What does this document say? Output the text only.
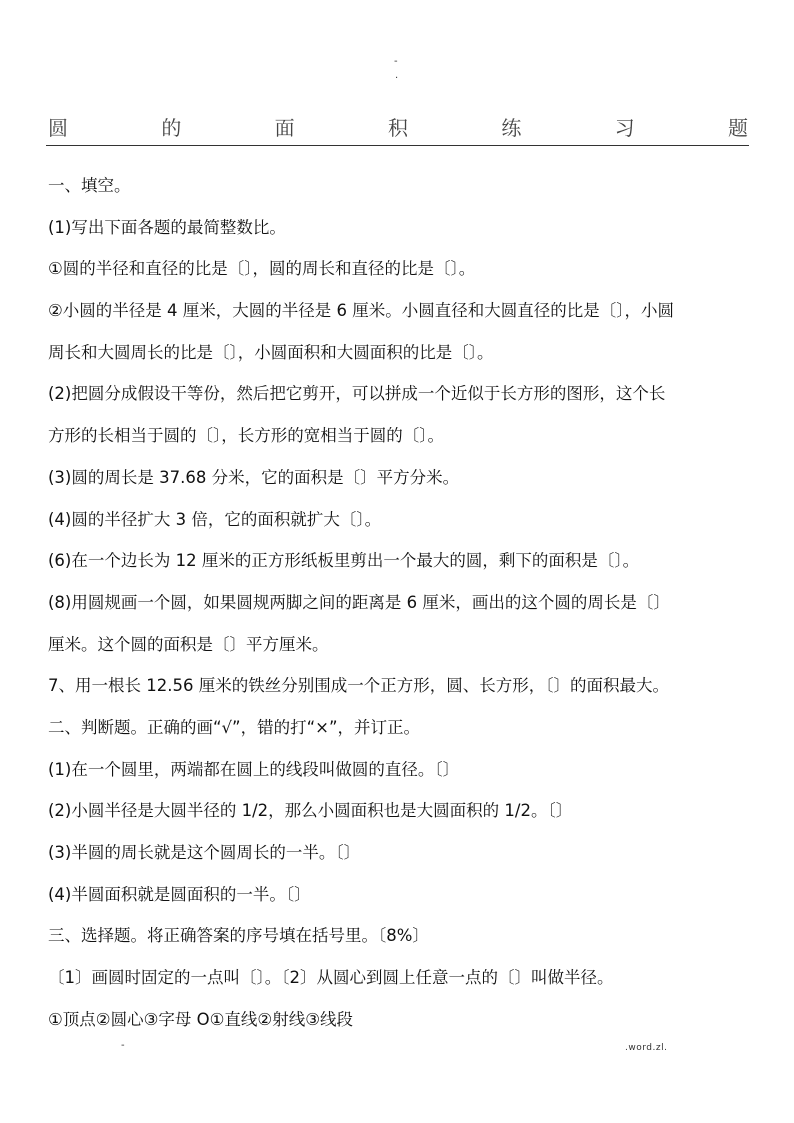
-
.
圆	的	面	积	练	习	题
一、填空。
(1)写出下面各题的最简整数比。
①圆的半径和直径的比是〔〕，圆的周长和直径的比是〔〕。
②小圆的半径是 4 厘米，大圆的半径是 6 厘米。小圆直径和大圆直径的比是〔〕，小圆
周长和大圆周长的比是〔〕，小圆面积和大圆面积的比是〔〕。
(2)把圆分成假设干等份，然后把它剪开，可以拼成一个近似于长方形的图形，这个长
方形的长相当于圆的〔〕，长方形的宽相当于圆的〔〕。
(3)圆的周长是 37.68 分米，它的面积是〔〕平方分米。
(4)圆的半径扩大 3 倍，它的面积就扩大〔〕。
(6)在一个边长为 12 厘米的正方形纸板里剪出一个最大的圆，剩下的面积是〔〕。
(8)用圆规画一个圆，如果圆规两脚之间的距离是 6 厘米，画出的这个圆的周长是〔〕
厘米。这个圆的面积是〔〕平方厘米。
7、用一根长 12.56 厘米的铁丝分别围成一个正方形，圆、长方形，〔〕的面积最大。
二、判断题。正确的画“√”，错的打“×”，并订正。
(1)在一个圆里，两端都在圆上的线段叫做圆的直径。〔〕
(2)小圆半径是大圆半径的 1/2，那么小圆面积也是大圆面积的 1/2。〔〕
(3)半圆的周长就是这个圆周长的一半。〔〕
(4)半圆面积就是圆面积的一半。〔〕
三、选择题。将正确答案的序号填在括号里。〔8%〕
〔1〕画圆时固定的一点叫〔〕。〔2〕从圆心到圆上任意一点的〔〕叫做半径。
①顶点②圆心③字母 O①直线②射线③线段
-	.word.zl.
